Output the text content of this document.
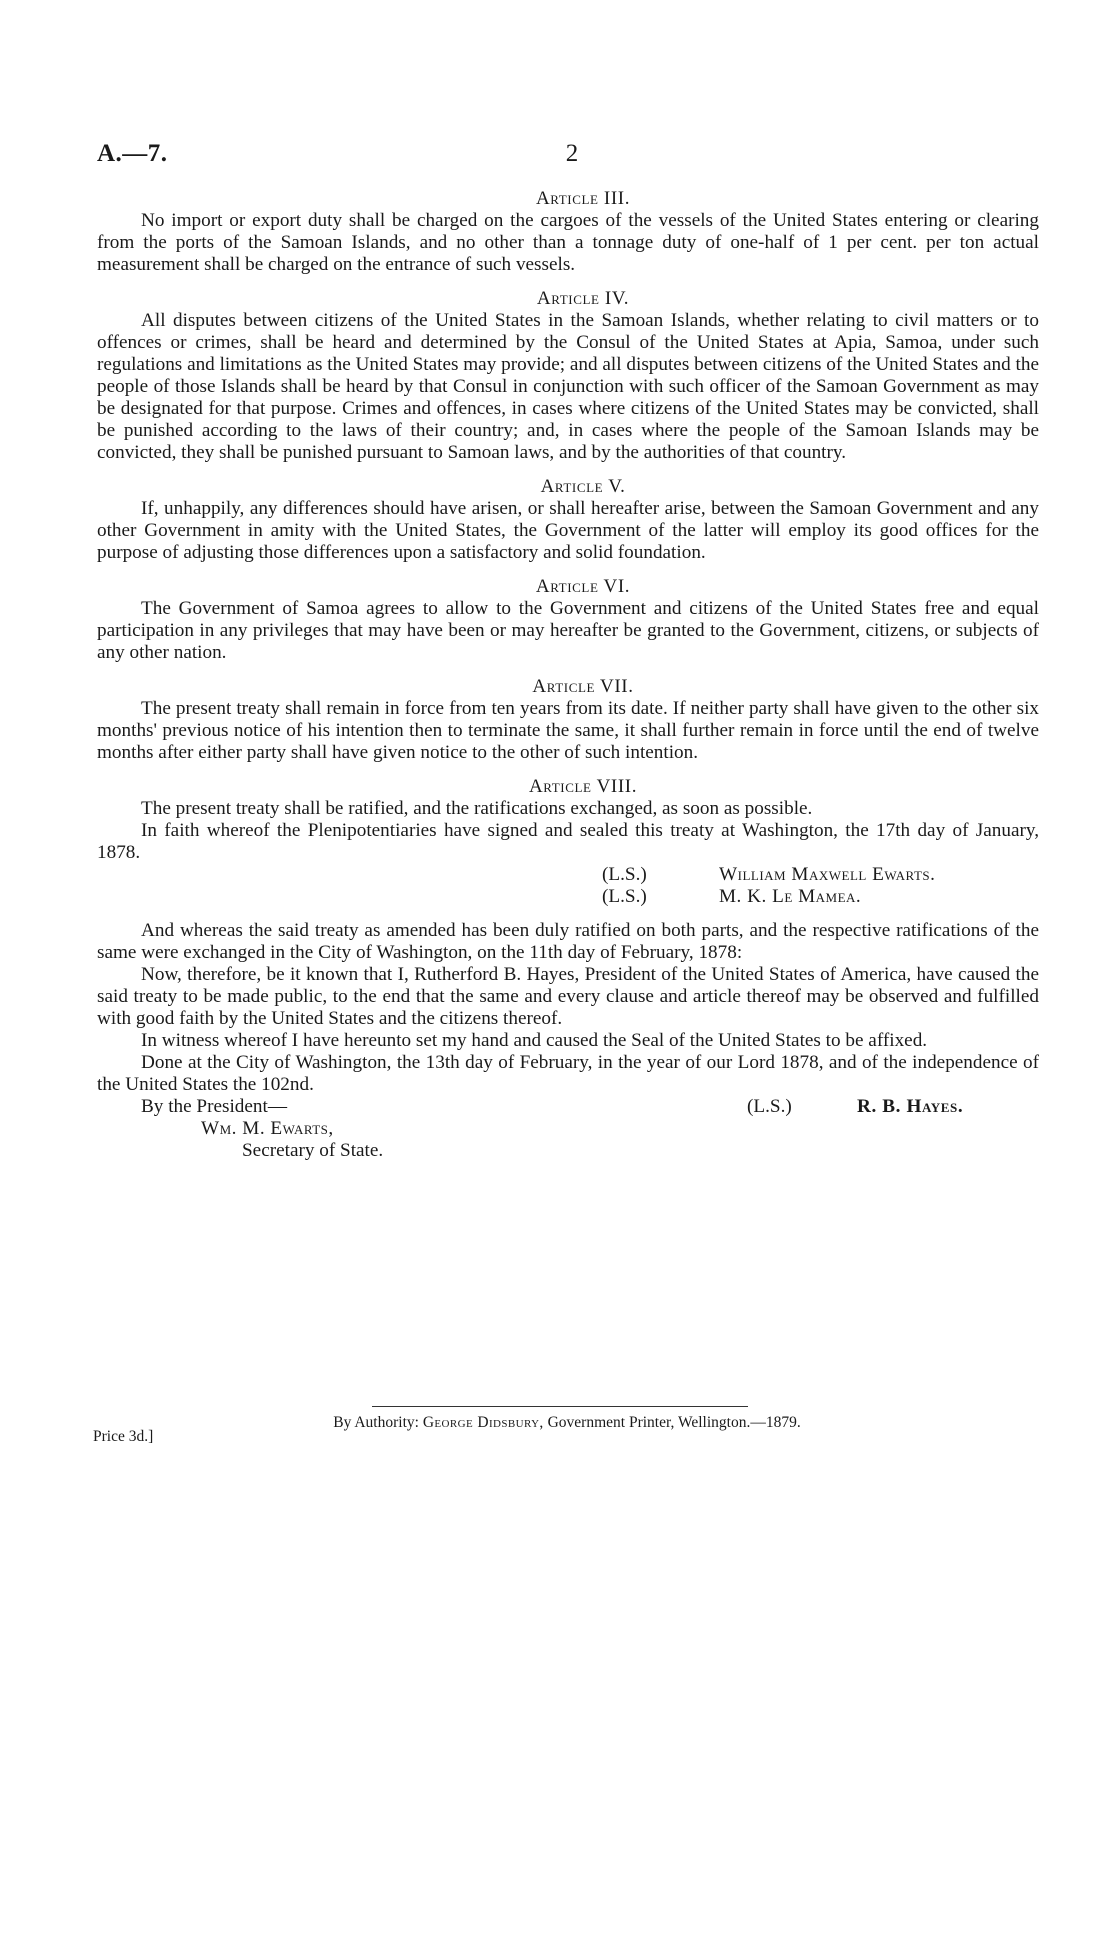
A.—7.	2

Article III.

No import or export duty shall be charged on the cargoes of the vessels of the United States entering or clearing from the ports of the Samoan Islands, and no other than a tonnage duty of one-half of 1 per cent. per ton actual measurement shall be charged on the entrance of such vessels.

Article IV.

All disputes between citizens of the United States in the Samoan Islands, whether relating to civil matters or to offences or crimes, shall be heard and determined by the Consul of the United States at Apia, Samoa, under such regulations and limitations as the United States may provide; and all disputes between citizens of the United States and the people of those Islands shall be heard by that Consul in conjunction with such officer of the Samoan Government as may be designated for that purpose. Crimes and offences, in cases where citizens of the United States may be convicted, shall be punished according to the laws of their country; and, in cases where the people of the Samoan Islands may be convicted, they shall be punished pursuant to Samoan laws, and by the authorities of that country.

Article V.

If, unhappily, any differences should have arisen, or shall hereafter arise, between the Samoan Government and any other Government in amity with the United States, the Government of the latter will employ its good offices for the purpose of adjusting those differences upon a satisfactory and solid foundation.

Article VI.

The Government of Samoa agrees to allow to the Government and citizens of the United States free and equal participation in any privileges that may have been or may hereafter be granted to the Government, citizens, or subjects of any other nation.

Article VII.

The present treaty shall remain in force from ten years from its date. If neither party shall have given to the other six months' previous notice of his intention then to terminate the same, it shall further remain in force until the end of twelve months after either party shall have given notice to the other of such intention.

Article VIII.

The present treaty shall be ratified, and the ratifications exchanged, as soon as possible.

In faith whereof the Plenipotentiaries have signed and sealed this treaty at Washington, the 17th day of January, 1878.

(L.S.)	William Maxwell Ewarts.
(L.S.)	M. K. Le Mamea.

And whereas the said treaty as amended has been duly ratified on both parts, and the respective ratifications of the same were exchanged in the City of Washington, on the 11th day of February, 1878:

Now, therefore, be it known that I, Rutherford B. Hayes, President of the United States of America, have caused the said treaty to be made public, to the end that the same and every clause and article thereof may be observed and fulfilled with good faith by the United States and the citizens thereof.

In witness whereof I have hereunto set my hand and caused the Seal of the United States to be affixed.

Done at the City of Washington, the 13th day of February, in the year of our Lord 1878, and of the independence of the United States the 102nd.

By the President—	(L.S.)	R. B. Hayes.
Wm. M. Ewarts,
Secretary of State.
By Authority: George Didsbury, Government Printer, Wellington.—1879.
Price 3d.]
